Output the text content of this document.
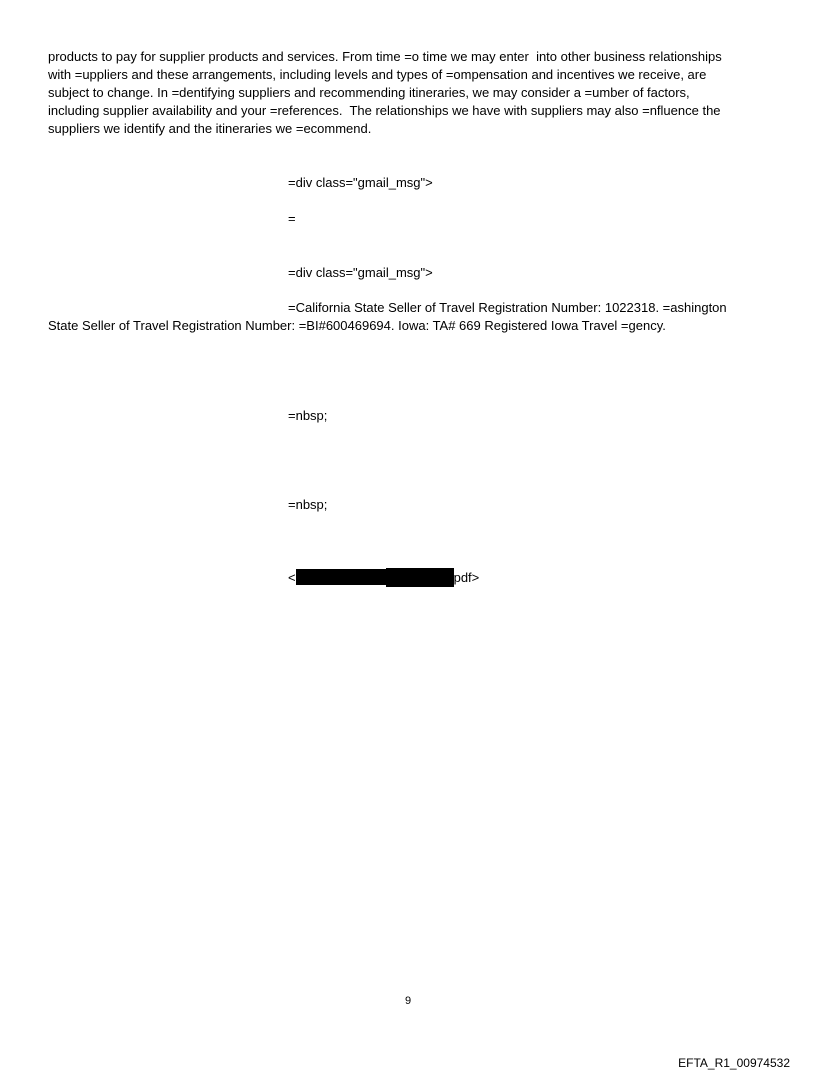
products to pay for supplier products and services. From time =o time we may enter  into other business relationships
with =uppliers and these arrangements, including levels and types of =ompensation and incentives we receive, are
subject to change. In =dentifying suppliers and recommending itineraries, we may consider a =umber of factors,
including supplier availability and your =references.  The relationships we have with suppliers may also =nfluence the
suppliers we identify and the itineraries we =ecommend.
=div class="gmail_msg">
=
=div class="gmail_msg">
=California State Seller of Travel Registration Number: 1022318. =ashington
State Seller of Travel Registration Number: =BI#600469694. Iowa: TA# 669 Registered Iowa Travel =gency.
=nbsp;
=nbsp;
<	pdf>
9
EFTA_R1_00974532
